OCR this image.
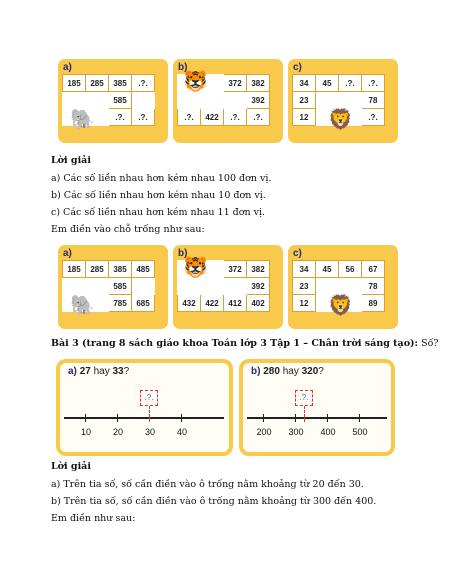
a)
185	285	385	.?.
		585	
		.?.	.?.
🐘
b)
		372	382
			392
.?.	422	.?.	.?.
🐯
c)
34	45	.?.	.?.
23			78
12			.?.
🦁
Lời giải
a) Các số liền nhau hơn kém nhau 100 đơn vị.
b) Các số liền nhau hơn kém nhau 10 đơn vị.
c) Các số liền nhau hơn kém nhau 11 đơn vị.
Em điền vào chỗ trống như sau:
a)
185	285	385	485
		585	
		785	685
🐘
b)
		372	382
			392
432	422	412	402
🐯
c)
34	45	56	67
23			78
12			89
🦁
Bài 3 (trang 8 sách giáo khoa Toán lớp 3 Tập 1 – Chân trời sáng tạo): Số?
a) 27 hay 33?
.?.
10 20 30 40
b) 280 hay 320?
.?.
200 300 400 500
Lời giải
a) Trên tia số, số cần điền vào ô trống nằm khoảng từ 20 đến 30.
b) Trên tia số, số cần điền vào ô trống nằm khoảng từ 300 đến 400.
Em điền như sau:
